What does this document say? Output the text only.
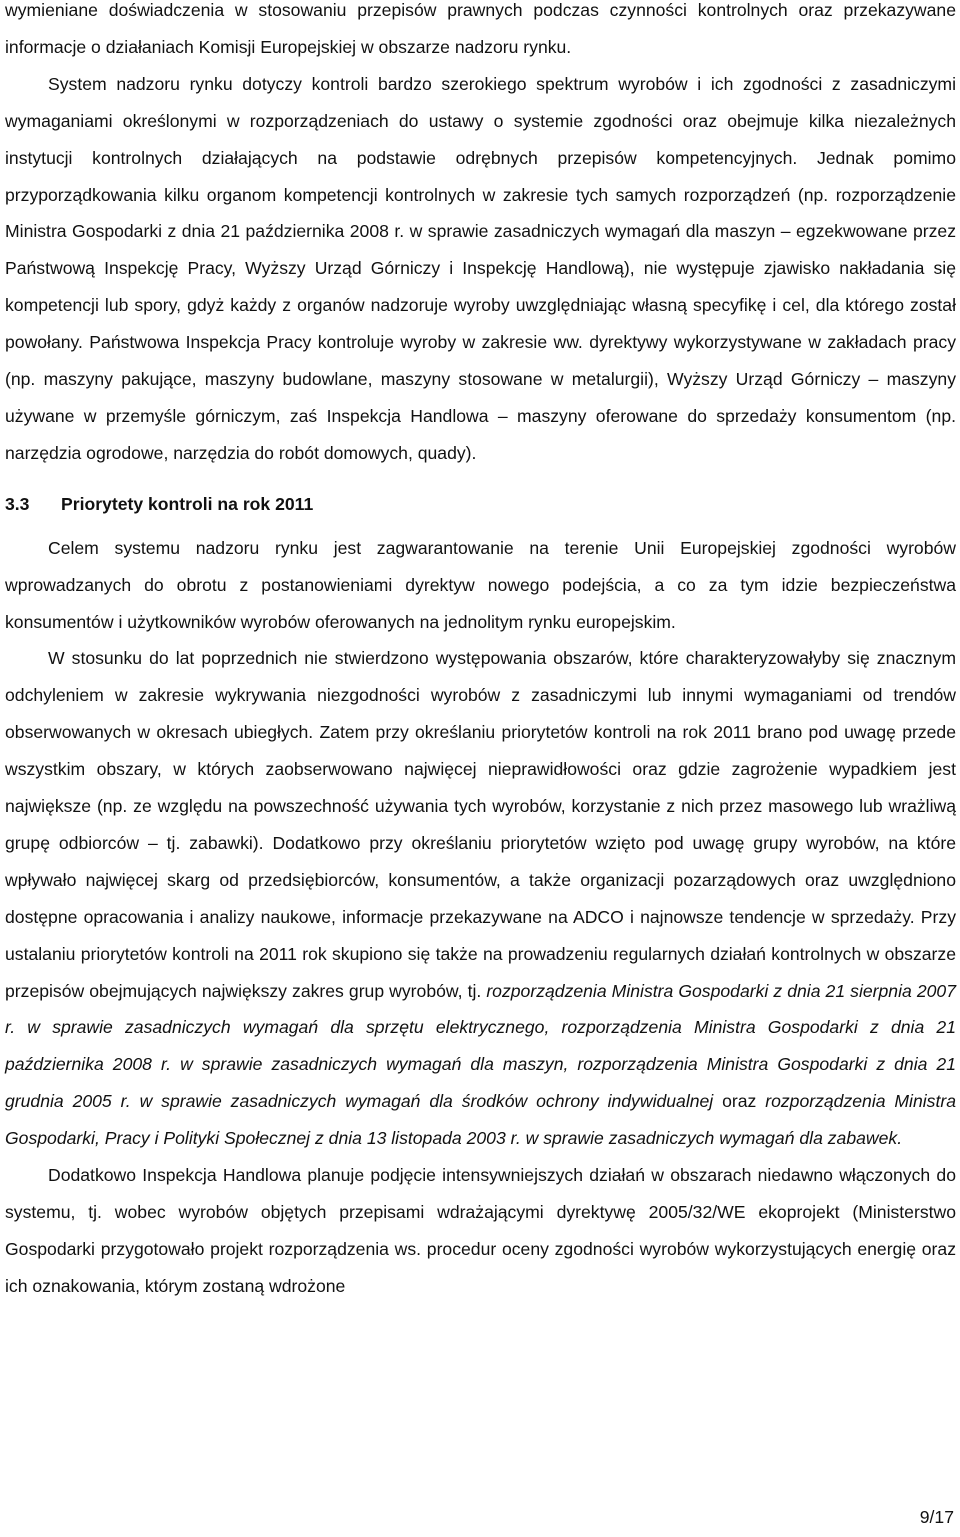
wymieniane doświadczenia w stosowaniu przepisów prawnych podczas czynności kontrolnych oraz przekazywane informacje o działaniach Komisji Europejskiej w obszarze nadzoru rynku.

System nadzoru rynku dotyczy kontroli bardzo szerokiego spektrum wyrobów i ich zgodności z zasadniczymi wymaganiami określonymi w rozporządzeniach do ustawy o systemie zgodności oraz obejmuje kilka niezależnych instytucji kontrolnych działających na podstawie odrębnych przepisów kompetencyjnych. Jednak pomimo przyporządkowania kilku organom kompetencji kontrolnych w zakresie tych samych rozporządzeń (np. rozporządzenie Ministra Gospodarki z dnia 21 października 2008 r. w sprawie zasadniczych wymagań dla maszyn – egzekwowane przez Państwową Inspekcję Pracy, Wyższy Urząd Górniczy i Inspekcję Handlową), nie występuje zjawisko nakładania się kompetencji lub spory, gdyż każdy z organów nadzoruje wyroby uwzględniając własną specyfikę i cel, dla którego został powołany. Państwowa Inspekcja Pracy kontroluje wyroby w zakresie ww. dyrektywy wykorzystywane w zakładach pracy (np. maszyny pakujące, maszyny budowlane, maszyny stosowane w metalurgii), Wyższy Urząd Górniczy – maszyny używane w przemyśle górniczym, zaś Inspekcja Handlowa – maszyny oferowane do sprzedaży konsumentom (np. narzędzia ogrodowe, narzędzia do robót domowych, quady).

3.3 Priorytety kontroli na rok 2011

Celem systemu nadzoru rynku jest zagwarantowanie na terenie Unii Europejskiej zgodności wyrobów wprowadzanych do obrotu z postanowieniami dyrektyw nowego podejścia, a co za tym idzie bezpieczeństwa konsumentów i użytkowników wyrobów oferowanych na jednolitym rynku europejskim.

W stosunku do lat poprzednich nie stwierdzono występowania obszarów, które charakteryzowałyby się znacznym odchyleniem w zakresie wykrywania niezgodności wyrobów z zasadniczymi lub innymi wymaganiami od trendów obserwowanych w okresach ubiegłych. Zatem przy określaniu priorytetów kontroli na rok 2011 brano pod uwagę przede wszystkim obszary, w których zaobserwowano najwięcej nieprawidłowości oraz gdzie zagrożenie wypadkiem jest największe (np. ze względu na powszechność używania tych wyrobów, korzystanie z nich przez masowego lub wrażliwą grupę odbiorców – tj. zabawki). Dodatkowo przy określaniu priorytetów wzięto pod uwagę grupy wyrobów, na które wpływało najwięcej skarg od przedsiębiorców, konsumentów, a także organizacji pozarządowych oraz uwzględniono dostępne opracowania i analizy naukowe, informacje przekazywane na ADCO i najnowsze tendencje w sprzedaży. Przy ustalaniu priorytetów kontroli na 2011 rok skupiono się także na prowadzeniu regularnych działań kontrolnych w obszarze przepisów obejmujących największy zakres grup wyrobów, tj. rozporządzenia Ministra Gospodarki z dnia 21 sierpnia 2007 r. w sprawie zasadniczych wymagań dla sprzętu elektrycznego, rozporządzenia Ministra Gospodarki z dnia 21 października 2008 r. w sprawie zasadniczych wymagań dla maszyn, rozporządzenia Ministra Gospodarki z dnia 21 grudnia 2005 r. w sprawie zasadniczych wymagań dla środków ochrony indywidualnej oraz rozporządzenia Ministra Gospodarki, Pracy i Polityki Społecznej z dnia 13 listopada 2003 r. w sprawie zasadniczych wymagań dla zabawek.

Dodatkowo Inspekcja Handlowa planuje podjęcie intensywniejszych działań w obszarach niedawno włączonych do systemu, tj. wobec wyrobów objętych przepisami wdrażającymi dyrektywę 2005/32/WE ekoprojekt (Ministerstwo Gospodarki przygotowało projekt rozporządzenia ws. procedur oceny zgodności wyrobów wykorzystujących energię oraz ich oznakowania, którym zostaną wdrożone

9/17
